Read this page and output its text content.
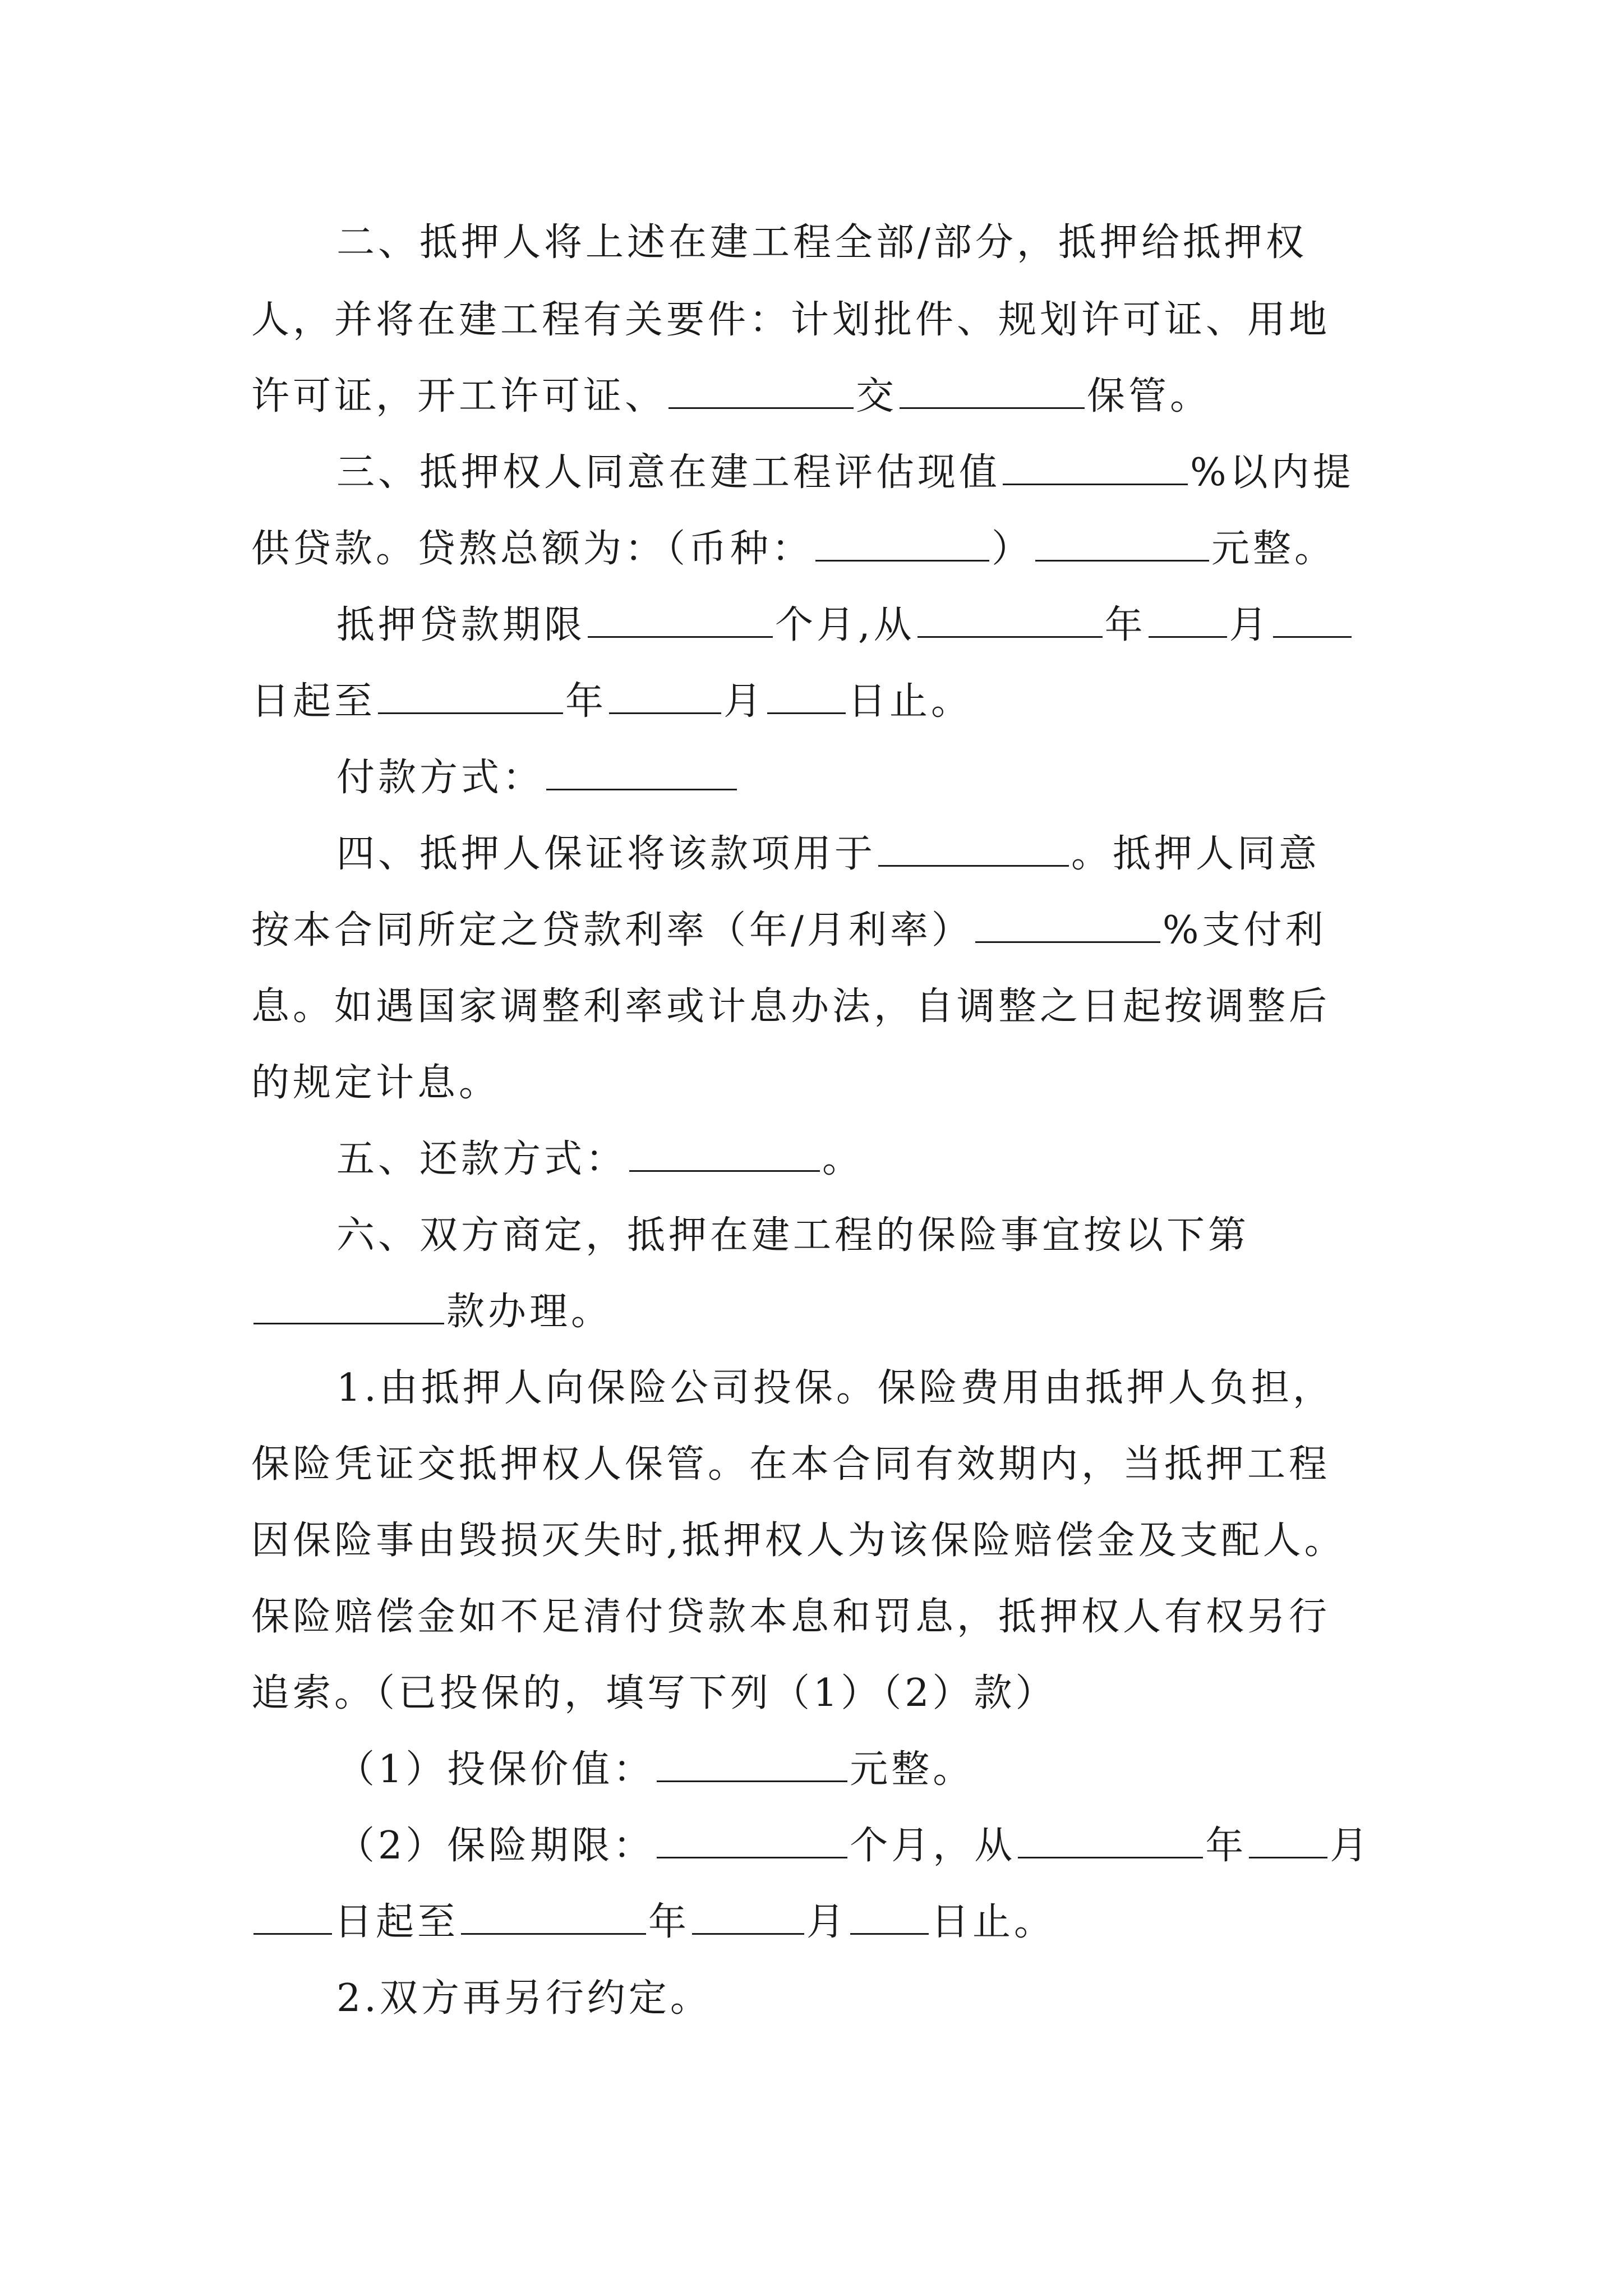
二、抵押人将上述在建工程全部/部分，抵押给抵押权
人，并将在建工程有关要件：计划批件、规划许可证、用地
许可证，开工许可证、	交	保管。
三、抵押权人同意在建工程评估现值	%以内提
供贷款。贷熬总额为：（币种：	）	元整。
抵押贷款期限	个月,从	年 月
日起至	年	月 日止。
付款方式：
四、抵押人保证将该款项用于	。抵押人同意
按本合同所定之贷款利率（年/月利率）	%支付利
息。如遇国家调整利率或计息办法，自调整之日起按调整后
的规定计息。
五、还款方式：	。
六、双方商定，抵押在建工程的保险事宜按以下第
款办理。
1.由抵押人向保险公司投保。保险费用由抵押人负担，
保险凭证交抵押权人保管。在本合同有效期内，当抵押工程
因保险事由毁损灭失时,抵押权人为该保险赔偿金及支配人。
保险赔偿金如不足清付贷款本息和罚息，抵押权人有权另行
追索。（已投保的，填写下列（1）（2）款）
（1）投保价值：	元整。
（2）保险期限：	个月，从	年 月
日起至	年	月 日止。
2.双方再另行约定。
